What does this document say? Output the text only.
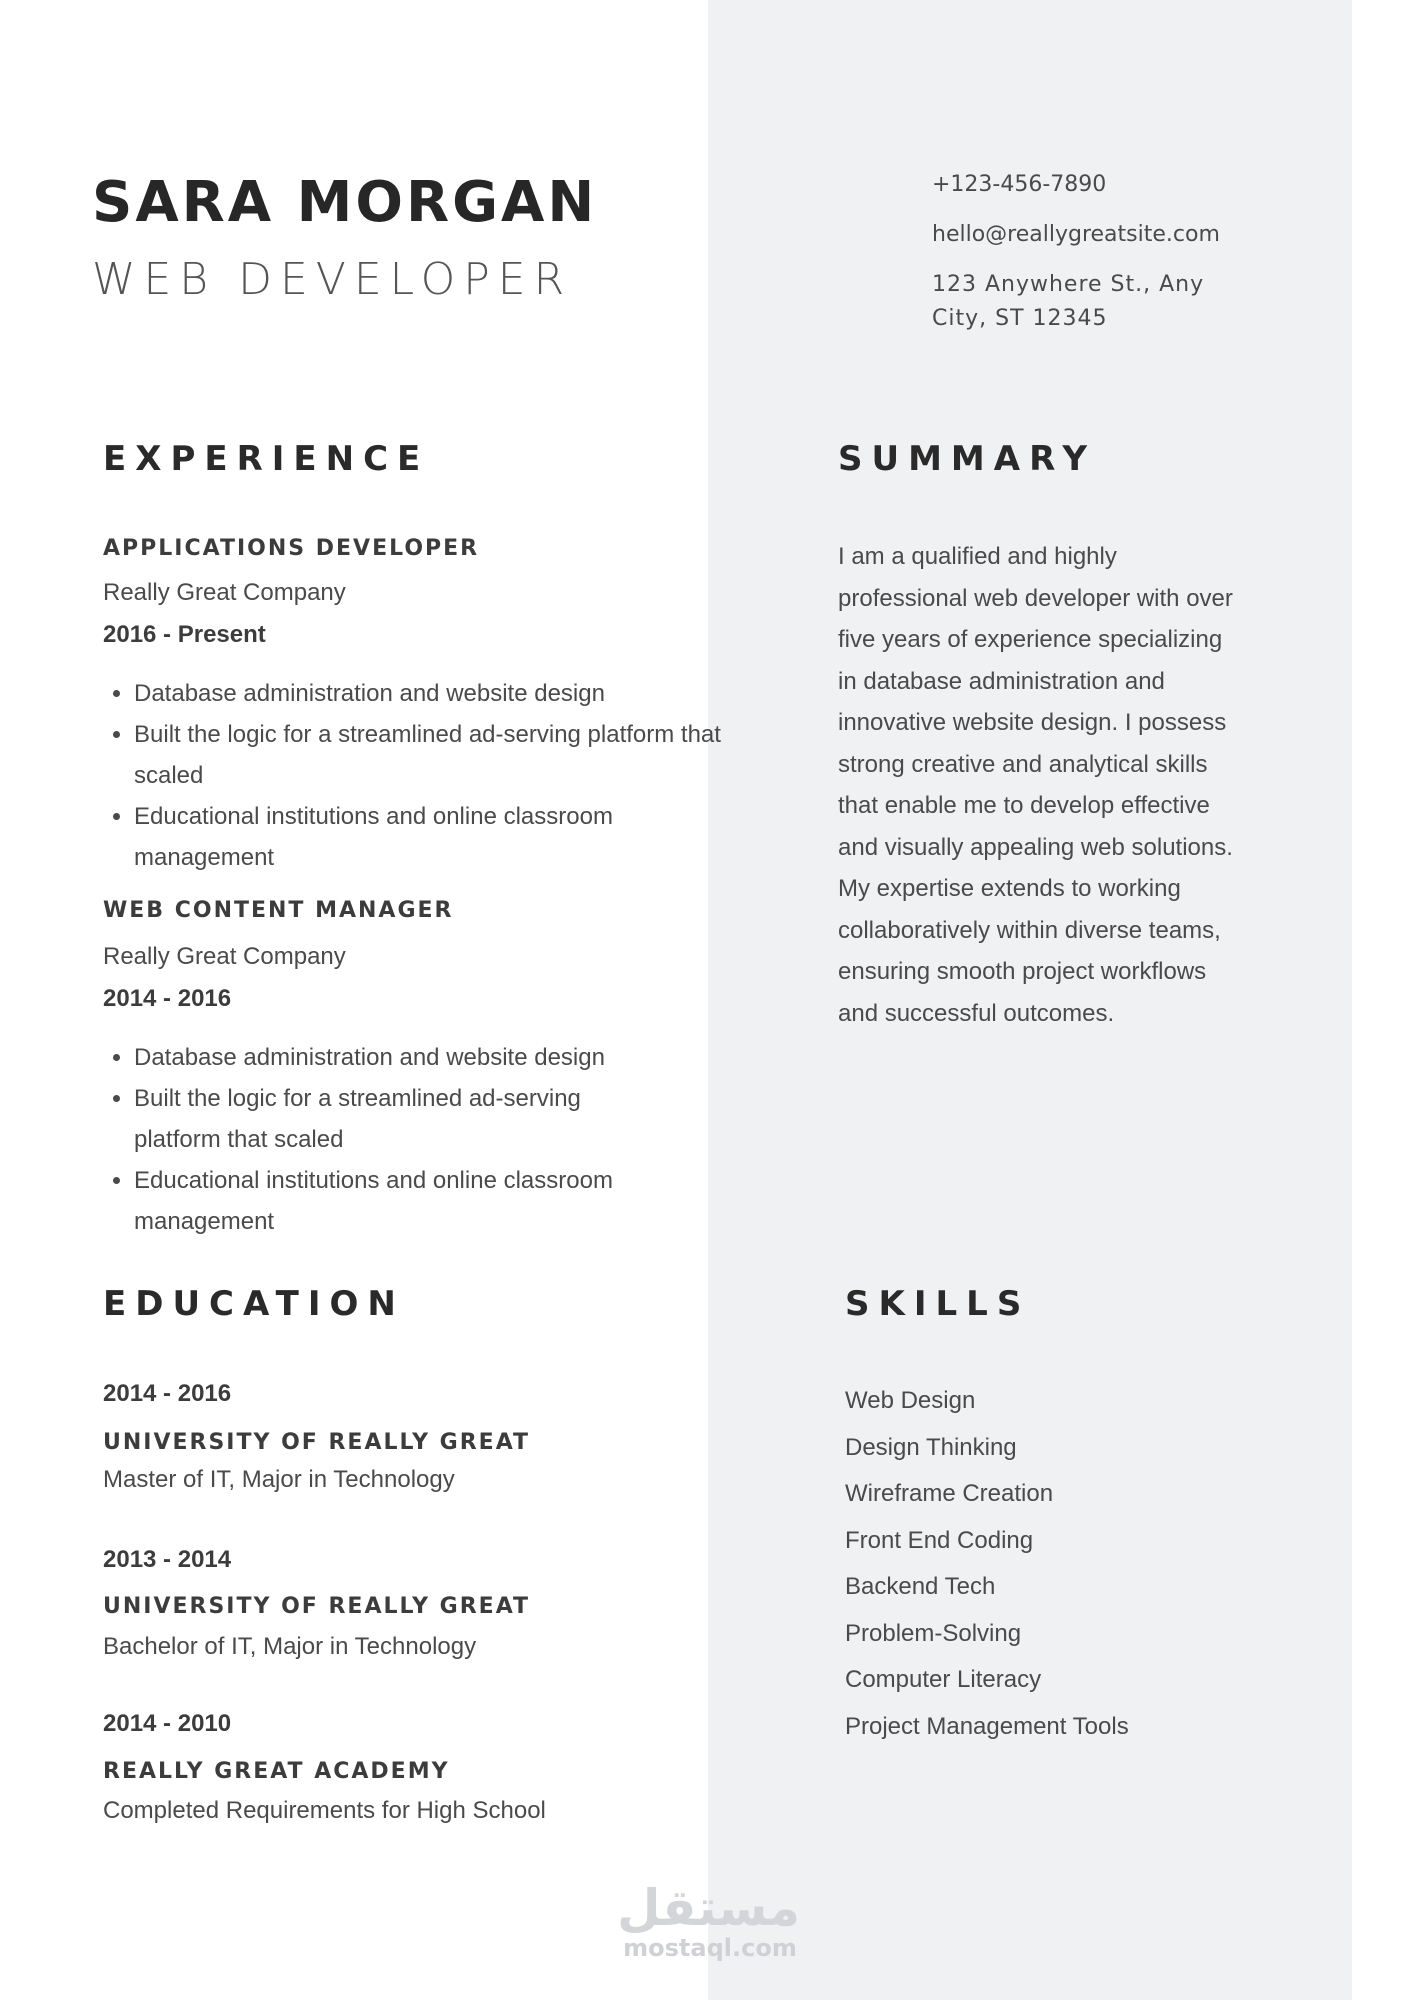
SARA MORGAN
WEB DEVELOPER
+123-456-7890
hello@reallygreatsite.com
123 Anywhere St., Any
City, ST 12345
EXPERIENCE
APPLICATIONS DEVELOPER
Really Great Company
2016 - Present
• Database administration and website design
• Built the logic for a streamlined ad-serving platform that scaled
• Educational institutions and online classroom management
WEB CONTENT MANAGER
Really Great Company
2014 - 2016
• Database administration and website design
• Built the logic for a streamlined ad-serving platform that scaled
• Educational institutions and online classroom management
SUMMARY
I am a qualified and highly professional web developer with over five years of experience specializing in database administration and innovative website design. I possess strong creative and analytical skills that enable me to develop effective and visually appealing web solutions. My expertise extends to working collaboratively within diverse teams, ensuring smooth project workflows and successful outcomes.
EDUCATION
2014 - 2016
UNIVERSITY OF REALLY GREAT
Master of IT, Major in Technology
2013 - 2014
UNIVERSITY OF REALLY GREAT
Bachelor of IT, Major in Technology
2014 - 2010
REALLY GREAT ACADEMY
Completed Requirements for High School
SKILLS
Web Design
Design Thinking
Wireframe Creation
Front End Coding
Backend Tech
Problem-Solving
Computer Literacy
Project Management Tools
مستقل
mostaql.com
